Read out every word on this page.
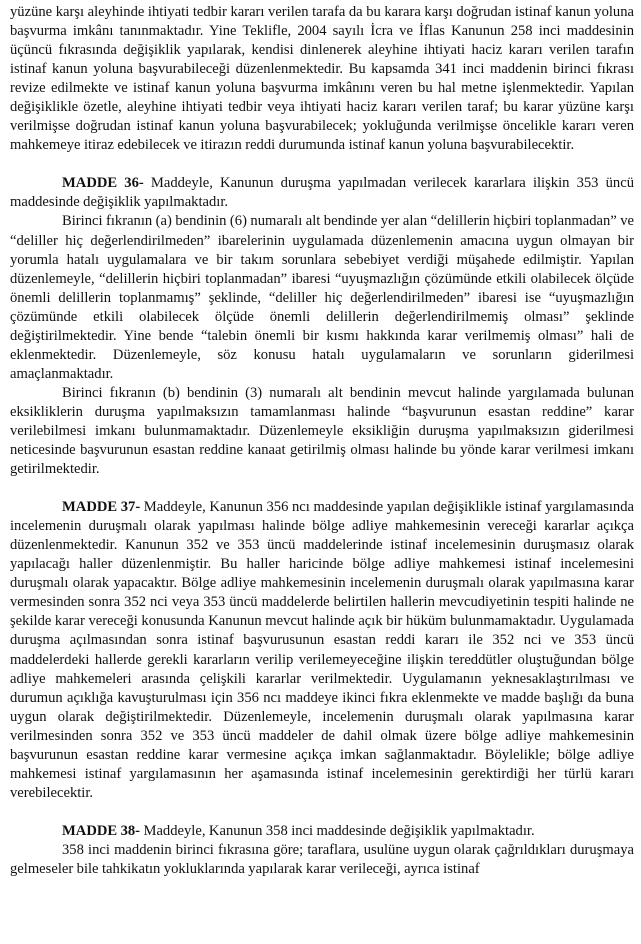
yüzüne karşı aleyhinde ihtiyati tedbir kararı verilen tarafa da bu karara karşı doğrudan istinaf kanun yoluna başvurma imkânı tanınmaktadır. Yine Teklifle, 2004 sayılı İcra ve İflas Kanunun 258 inci maddesinin üçüncü fıkrasında değişiklik yapılarak, kendisi dinlenerek aleyhine ihtiyati haciz kararı verilen tarafın istinaf kanun yoluna başvurabileceği düzenlenmektedir. Bu kapsamda 341 inci maddenin birinci fıkrası revize edilmekte ve istinaf kanun yoluna başvurma imkânını veren bu hal metne işlenmektedir. Yapılan değişiklikle özetle, aleyhine ihtiyati tedbir veya ihtiyati haciz kararı verilen taraf; bu karar yüzüne karşı verilmişse doğrudan istinaf kanun yoluna başvurabilecek; yokluğunda verilmişse öncelikle kararı veren mahkemeye itiraz edebilecek ve itirazın reddi durumunda istinaf kanun yoluna başvurabilecektir.

MADDE 36- Maddeyle, Kanunun duruşma yapılmadan verilecek kararlara ilişkin 353 üncü maddesinde değişiklik yapılmaktadır.

Birinci fıkranın (a) bendinin (6) numaralı alt bendinde yer alan “delillerin hiçbiri toplanmadan” ve “deliller hiç değerlendirilmeden” ibarelerinin uygulamada düzenlemenin amacına uygun olmayan bir yorumla hatalı uygulamalara ve bir takım sorunlara sebebiyet verdiği müşahede edilmiştir. Yapılan düzenlemeyle, “delillerin hiçbiri toplanmadan” ibaresi “uyuşmazlığın çözümünde etkili olabilecek ölçüde önemli delillerin toplanmamış” şeklinde, “deliller hiç değerlendirilmeden” ibaresi ise “uyuşmazlığın çözümünde etkili olabilecek ölçüde önemli delillerin değerlendirilmemiş olması” şeklinde değiştirilmektedir. Yine bende “talebin önemli bir kısmı hakkında karar verilmemiş olması” hali de eklenmektedir. Düzenlemeyle, söz konusu hatalı uygulamaların ve sorunların giderilmesi amaçlanmaktadır.

Birinci fıkranın (b) bendinin (3) numaralı alt bendinin mevcut halinde yargılamada bulunan eksikliklerin duruşma yapılmaksızın tamamlanması halinde “başvurunun esastan reddine” karar verilebilmesi imkanı bulunmamaktadır. Düzenlemeyle eksikliğin duruşma yapılmaksızın giderilmesi neticesinde başvurunun esastan reddine kanaat getirilmiş olması halinde bu yönde karar verilmesi imkanı getirilmektedir.

MADDE 37- Maddeyle, Kanunun 356 ncı maddesinde yapılan değişiklikle istinaf yargılamasında incelemenin duruşmalı olarak yapılması halinde bölge adliye mahkemesinin vereceği kararlar açıkça düzenlenmektedir. Kanunun 352 ve 353 üncü maddelerinde istinaf incelemesinin duruşmasız olarak yapılacağı haller düzenlenmiştir. Bu haller haricinde bölge adliye mahkemesi istinaf incelemesini duruşmalı olarak yapacaktır. Bölge adliye mahkemesinin incelemenin duruşmalı olarak yapılmasına karar vermesinden sonra 352 nci veya 353 üncü maddelerde belirtilen hallerin mevcudiyetinin tespiti halinde ne şekilde karar vereceği konusunda Kanunun mevcut halinde açık bir hüküm bulunmamaktadır. Uygulamada duruşma açılmasından sonra istinaf başvurusunun esastan reddi kararı ile 352 nci ve 353 üncü maddelerdeki hallerde gerekli kararların verilip verilemeyeceğine ilişkin tereddütler oluştuğundan bölge adliye mahkemeleri arasında çelişkili kararlar verilmektedir. Uygulamanın yeknesaklaştırılması ve durumun açıklığa kavuşturulması için 356 ncı maddeye ikinci fıkra eklenmekte ve madde başlığı da buna uygun olarak değiştirilmektedir. Düzenlemeyle, incelemenin duruşmalı olarak yapılmasına karar verilmesinden sonra 352 ve 353 üncü maddeler de dahil olmak üzere bölge adliye mahkemesinin başvurunun esastan reddine karar vermesine açıkça imkan sağlanmaktadır. Böylelikle; bölge adliye mahkemesi istinaf yargılamasının her aşamasında istinaf incelemesinin gerektirdiği her türlü kararı verebilecektir.

MADDE 38- Maddeyle, Kanunun 358 inci maddesinde değişiklik yapılmaktadır.

358 inci maddenin birinci fıkrasına göre; taraflara, usulüne uygun olarak çağrıldıkları duruşmaya gelmeseler bile tahkikatın yokluklarında yapılarak karar verileceği, ayrıca istinaf
